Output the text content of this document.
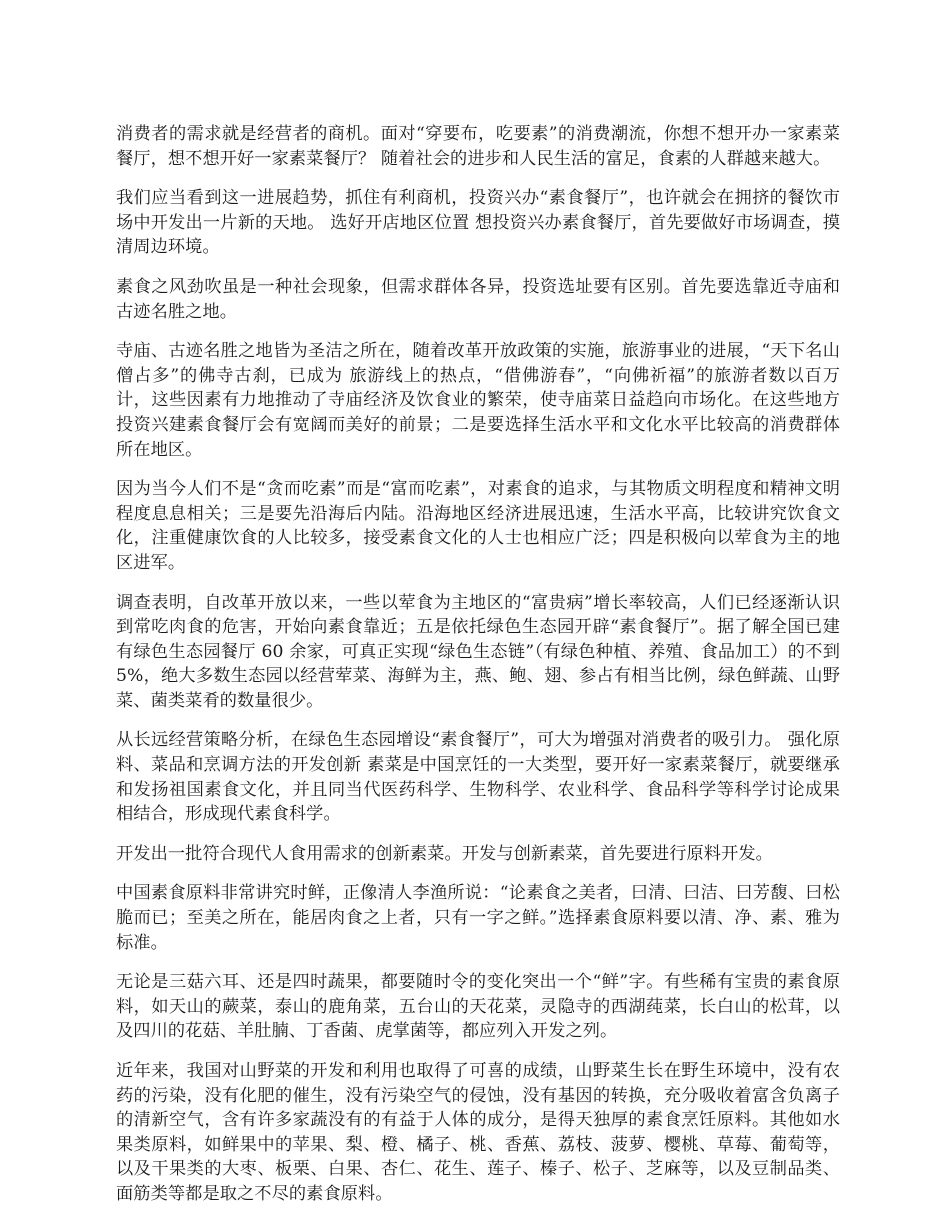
消费者的需求就是经营者的商机。面对“穿要布，吃要素”的消费潮流，你想不想开办一家素菜餐厅，想不想开好一家素菜餐厅？ 随着社会的进步和人民生活的富足，食素的人群越来越大。

我们应当看到这一进展趋势，抓住有利商机，投资兴办“素食餐厅”，也许就会在拥挤的餐饮市场中开发出一片新的天地。 选好开店地区位置 想投资兴办素食餐厅，首先要做好市场调查，摸清周边环境。

素食之风劲吹虽是一种社会现象，但需求群体各异，投资选址要有区别。首先要选靠近寺庙和古迹名胜之地。

寺庙、古迹名胜之地皆为圣洁之所在，随着改革开放政策的实施，旅游事业的进展，“天下名山僧占多”的佛寺古刹，已成为 旅游线上的热点，“借佛游春”，“向佛祈福”的旅游者数以百万计，这些因素有力地推动了寺庙经济及饮食业的繁荣，使寺庙菜日益趋向市场化。在这些地方投资兴建素食餐厅会有宽阔而美好的前景；二是要选择生活水平和文化水平比较高的消费群体所在地区。

因为当今人们不是“贪而吃素”而是“富而吃素”，对素食的追求，与其物质文明程度和精神文明程度息息相关；三是要先沿海后内陆。沿海地区经济进展迅速，生活水平高，比较讲究饮食文化，注重健康饮食的人比较多，接受素食文化的人士也相应广泛；四是积极向以荤食为主的地区进军。

调查表明，自改革开放以来，一些以荤食为主地区的“富贵病”增长率较高，人们已经逐渐认识到常吃肉食的危害，开始向素食靠近；五是依托绿色生态园开辟“素食餐厅”。据了解全国已建有绿色生态园餐厅 60 余家，可真正实现“绿色生态链”（有绿色种植、养殖、食品加工）的不到 5%，绝大多数生态园以经营荤菜、海鲜为主，燕、鲍、翅、参占有相当比例，绿色鲜蔬、山野菜、菌类菜肴的数量很少。

从长远经营策略分析，在绿色生态园增设“素食餐厅”，可大为增强对消费者的吸引力。 强化原料、菜品和烹调方法的开发创新 素菜是中国烹饪的一大类型，要开好一家素菜餐厅，就要继承和发扬祖国素食文化，并且同当代医药科学、生物科学、农业科学、食品科学等科学讨论成果相结合，形成现代素食科学。

开发出一批符合现代人食用需求的创新素菜。开发与创新素菜，首先要进行原料开发。

中国素食原料非常讲究时鲜，正像清人李渔所说：“论素食之美者，曰清、曰洁、曰芳馥、曰松脆而已；至美之所在，能居肉食之上者，只有一字之鲜。”选择素食原料要以清、净、素、雅为标准。

无论是三菇六耳、还是四时蔬果，都要随时令的变化突出一个“鲜”字。有些稀有宝贵的素食原料，如天山的蕨菜，泰山的鹿角菜，五台山的天花菜，灵隐寺的西湖莼菜，长白山的松茸，以及四川的花菇、羊肚腩、丁香菌、虎掌菌等，都应列入开发之列。

近年来，我国对山野菜的开发和利用也取得了可喜的成绩，山野菜生长在野生环境中，没有农药的污染，没有化肥的催生，没有污染空气的侵蚀，没有基因的转换，充分吸收着富含负离子的清新空气，含有许多家蔬没有的有益于人体的成分，是得天独厚的素食烹饪原料。其他如水果类原料，如鲜果中的苹果、梨、橙、橘子、桃、香蕉、荔枝、菠萝、樱桃、草莓、葡萄等，以及干果类的大枣、板栗、白果、杏仁、花生、莲子、榛子、松子、芝麻等，以及豆制品类、面筋类等都是取之不尽的素食原料。
